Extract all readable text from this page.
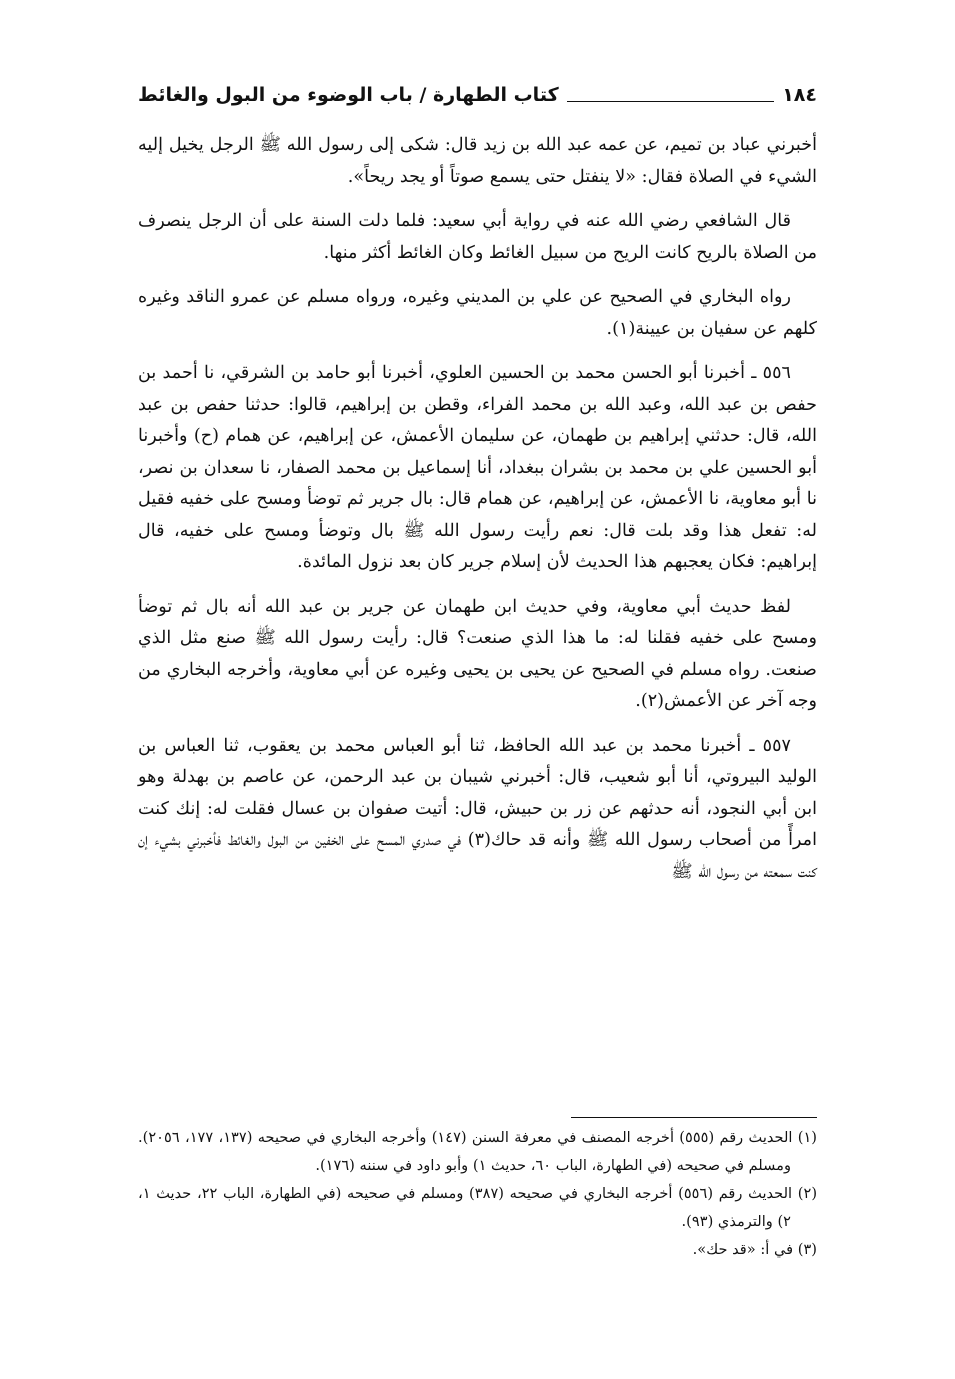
١٨٤
كتاب الطهارة / باب الوضوء من البول والغائط

أخبرني عباد بن تميم، عن عمه عبد الله بن زيد قال: شكى إلى رسول الله ﷺ الرجل يخيل إليه الشيء في الصلاة فقال: «لا ينفتل حتى يسمع صوتاً أو يجد ريحاً».

قال الشافعي رضي الله عنه في رواية أبي سعيد: فلما دلت السنة على أن الرجل ينصرف من الصلاة بالريح كانت الريح من سبيل الغائط وكان الغائط أكثر منها.

رواه البخاري في الصحيح عن علي بن المديني وغيره، ورواه مسلم عن عمرو الناقد وغيره كلهم عن سفيان بن عيينة(١).

٥٥٦ ـ أخبرنا أبو الحسن محمد بن الحسين العلوي، أخبرنا أبو حامد بن الشرقي، نا أحمد بن حفص بن عبد الله، وعبد الله بن محمد الفراء، وقطن بن إبراهيم، قالوا: حدثنا حفص بن عبد الله، قال: حدثني إبراهيم بن طهمان، عن سليمان الأعمش، عن إبراهيم، عن همام (ح) وأخبرنا أبو الحسين علي بن محمد بن بشران ببغداد، أنا إسماعيل بن محمد الصفار، نا سعدان بن نصر، نا أبو معاوية، نا الأعمش، عن إبراهيم، عن همام قال: بال جرير ثم توضأ ومسح على خفيه فقيل له: تفعل هذا وقد بلت قال: نعم رأيت رسول الله ﷺ بال وتوضأ ومسح على خفيه، قال إبراهيم: فكان يعجبهم هذا الحديث لأن إسلام جرير كان بعد نزول المائدة.

لفظ حديث أبي معاوية، وفي حديث ابن طهمان عن جرير بن عبد الله أنه بال ثم توضأ ومسح على خفيه فقلنا له: ما هذا الذي صنعت؟ قال: رأيت رسول الله ﷺ صنع مثل الذي صنعت. رواه مسلم في الصحيح عن يحيى بن يحيى وغيره عن أبي معاوية، وأخرجه البخاري من وجه آخر عن الأعمش(٢).

٥٥٧ ـ أخبرنا محمد بن عبد الله الحافظ، ثنا أبو العباس محمد بن يعقوب، ثنا العباس بن الوليد البيروتي، أنا أبو شعيب، قال: أخبرني شيبان بن عبد الرحمن، عن عاصم بن بهدلة وهو ابن أبي النجود، أنه حدثهم عن زر بن حبيش، قال: أتيت صفوان بن عسال فقلت له: إنك كنت امرأً من أصحاب رسول الله ﷺ وأنه قد حاك(٣) في صدري المسح على الخفين من البول والغائط فأخبرني بشيء إن كنت سمعته من رسول الله ﷺ

(١) الحديث رقم (٥٥٥) أخرجه المصنف في معرفة السنن (١٤٧) وأخرجه البخاري في صحيحه (١٣٧، ١٧٧، ٢٠٥٦). ومسلم في صحيحه (في الطهارة، الباب ٦٠، حديث ١) وأبو داود في سننه (١٧٦).
(٢) الحديث رقم (٥٥٦) أخرجه البخاري في صحيحه (٣٨٧) ومسلم في صحيحه (في الطهارة، الباب ٢٢، حديث ١، ٢) والترمذي (٩٣).
(٣) في أ: «قد حك».
